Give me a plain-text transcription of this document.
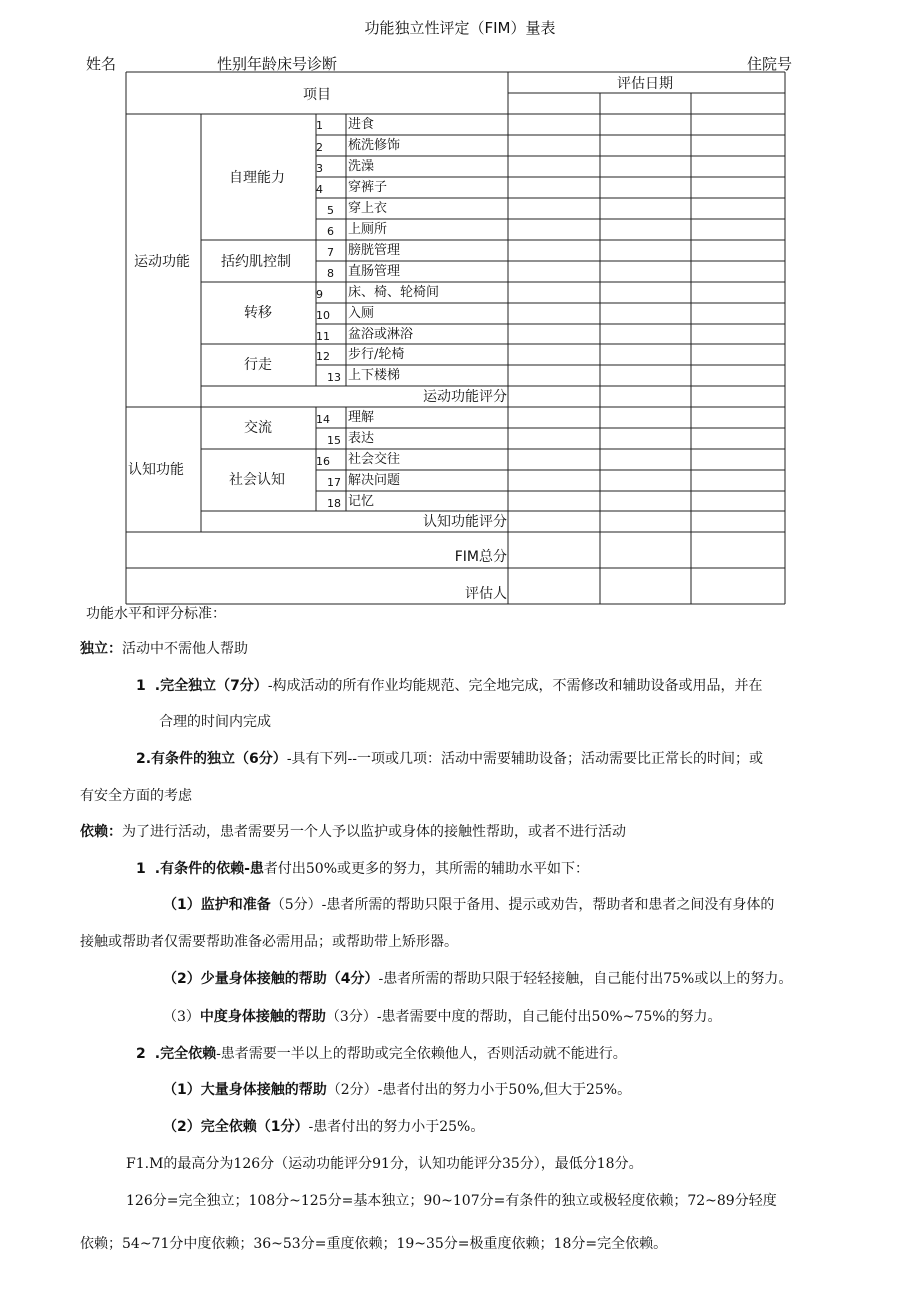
功能独立性评定（FIM）量表
姓名	性别年龄床号诊断	住院号
项目
评估日期
运动功能
认知功能
自理能力
括约肌控制
转移
行走
交流
社会认知
1 进食
2 梳洗修饰
3 洗澡
4 穿裤子
5 穿上衣
6 上厕所
7 膀胱管理
8 直肠管理
9 床、椅、轮椅间
10 入厕
11 盆浴或淋浴
12 步行/轮椅
13 上下楼梯
14 理解
15 表达
16 社会交往
17 解决问题
18 记忆
运动功能评分
认知功能评分
FIM总分
评估人
功能水平和评分标准：
独立：活动中不需他人帮助
1 .完全独立（7分）-构成活动的所有作业均能规范、完全地完成，不需修改和辅助设备或用品，并在
合理的时间内完成
2.有条件的独立（6分）-具有下列--一项或几项：活动中需要辅助设备；活动需要比正常长的时间；或
有安全方面的考虑
依赖：为了进行活动，患者需要另一个人予以监护或身体的接触性帮助，或者不进行活动
1 .有条件的依赖-患者付出50%或更多的努力，其所需的辅助水平如下：
（1）监护和准备（5分）-患者所需的帮助只限于备用、提示或劝告，帮助者和患者之间没有身体的
接触或帮助者仅需要帮助准备必需用品；或帮助带上矫形器。
（2）少量身体接触的帮助（4分）-患者所需的帮助只限于轻轻接触，自己能付出75%或以上的努力。
（3）中度身体接触的帮助（3分）-患者需要中度的帮助，自己能付出50%~75%的努力。
2 .完全依赖-患者需要一半以上的帮助或完全依赖他人，否则活动就不能进行。
（1）大量身体接触的帮助（2分）-患者付出的努力小于50%,但大于25%。
（2）完全依赖（1分）-患者付出的努力小于25%。
F1.M的最高分为126分（运动功能评分91分，认知功能评分35分），最低分18分。
126分=完全独立；108分~125分=基本独立；90~107分=有条件的独立或极轻度依赖；72~89分轻度
依赖；54~71分中度依赖；36~53分=重度依赖；19~35分=极重度依赖；18分=完全依赖。
